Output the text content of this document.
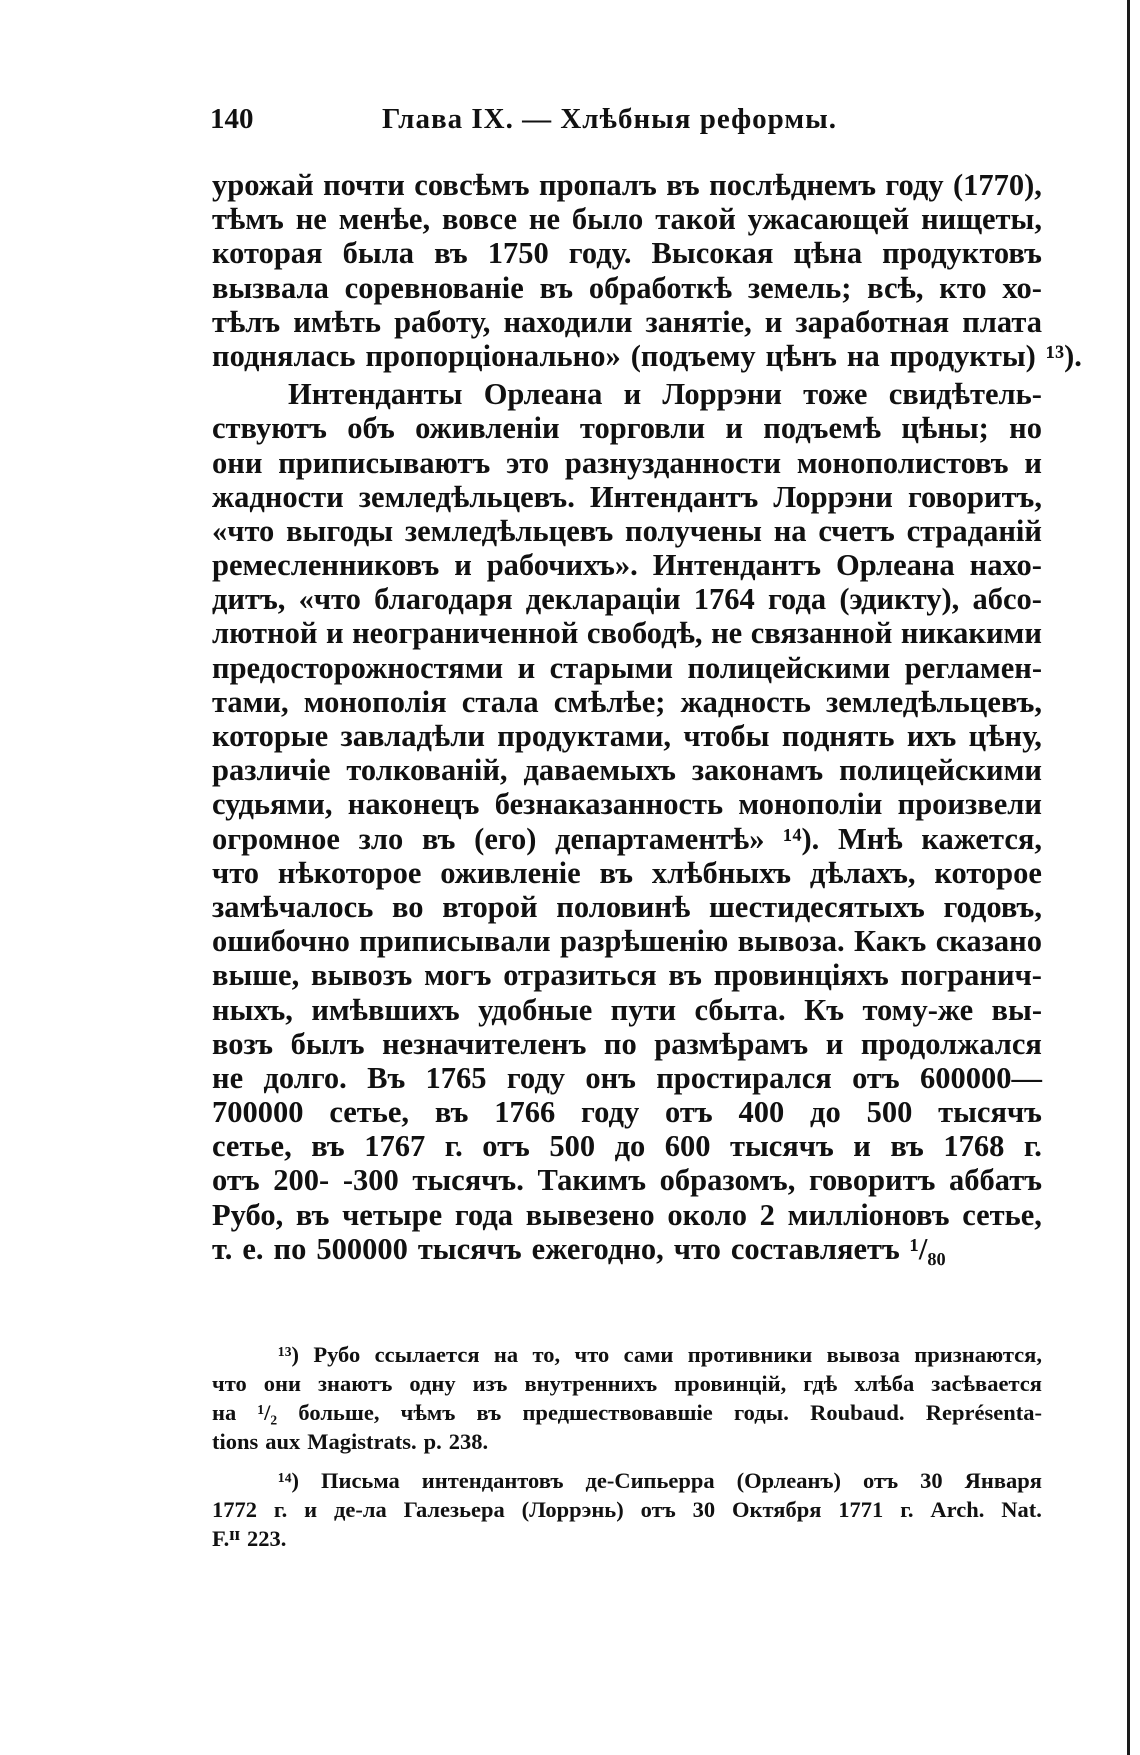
140	Глава IX. — Хлѣбныя реформы.
урожай почти совсѣмъ пропалъ въ послѣднемъ году (1770),
тѣмъ не менѣе, вовсе не было такой ужасающей нищеты,
которая была въ 1750 году. Высокая цѣна продуктовъ
вызвала соревнованіе въ обработкѣ земель; всѣ, кто хо-
тѣлъ имѣть работу, находили занятіе, и заработная плата
поднялась пропорціонально» (подъему цѣнъ на продукты) ¹³).
Интенданты Орлеана и Лоррэни тоже свидѣтель-
ствуютъ объ оживленіи торговли и подъемѣ цѣны; но
они приписываютъ это разнузданности монополистовъ и
жадности земледѣльцевъ. Интендантъ Лоррэни говоритъ,
«что выгоды земледѣльцевъ получены на счетъ страданій
ремесленниковъ и рабочихъ». Интендантъ Орлеана нахо-
дитъ, «что благодаря деклараціи 1764 года (эдикту), абсо-
лютной и неограниченной свободѣ, не связанной никакими
предосторожностями и старыми полицейскими регламен-
тами, монополія стала смѣлѣе; жадность земледѣльцевъ,
которые завладѣли продуктами, чтобы поднять ихъ цѣну,
различіе толкованій, даваемыхъ законамъ полицейскими
судьями, наконецъ безнаказанность монополіи произвели
огромное зло въ (его) департаментѣ» ¹⁴). Мнѣ кажется,
что нѣкоторое оживленіе въ хлѣбныхъ дѣлахъ, которое
замѣчалось во второй половинѣ шестидесятыхъ годовъ,
ошибочно приписывали разрѣшенію вывоза. Какъ сказано
выше, вывозъ могъ отразиться въ провинціяхъ погранич-
ныхъ, имѣвшихъ удобные пути сбыта. Къ тому-же вы-
возъ былъ незначителенъ по размѣрамъ и продолжался
не долго. Въ 1765 году онъ простирался отъ 600000—
700000 сетье, въ 1766 году отъ 400 до 500 тысячъ
сетье, въ 1767 г. отъ 500 до 600 тысячъ и въ 1768 г.
отъ 200- -300 тысячъ. Такимъ образомъ, говоритъ аббатъ
Рубо, въ четыре года вывезено около 2 милліоновъ сетье,
т. е. по 500000 тысячъ ежегодно, что составляетъ ¹/₈₀
¹³) Рубо ссылается на то, что сами противники вывоза признаются,
что они знаютъ одну изъ внутреннихъ провинцій, гдѣ хлѣба засѣвается
на ¹/₂ больше, чѣмъ въ предшествовавшіе годы. Roubaud. Représenta-
tions aux Magistrats. p. 238.
¹⁴) Письма интендантовъ де-Сипьерра (Орлеанъ) отъ 30 Января
1772 г. и де-ла Галезьера (Лоррэнь) отъ 30 Октября 1771 г. Arch. Nat.
F.ᴵᴵ 223.
